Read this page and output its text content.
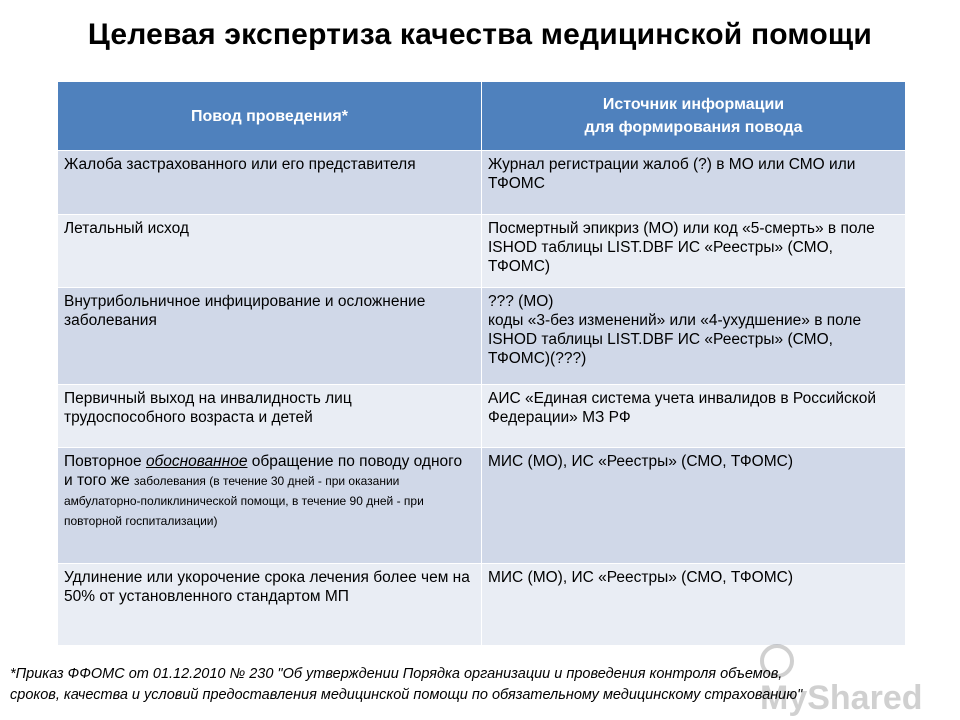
Целевая экспертиза качества медицинской помощи
Повод проведения*	Источник информации
для формирования повода

Жалоба застрахованного или его представителя	Журнал регистрации жалоб (?) в МО или СМО или ТФОМС
Летальный исход	Посмертный эпикриз (МО) или код «5-смерть» в поле ISHOD таблицы LIST.DBF ИС «Реестры» (СМО, ТФОМС)
Внутрибольничное инфицирование и осложнение заболевания	??? (МО)
коды «3-без изменений» или «4-ухудшение» в поле ISHOD таблицы LIST.DBF ИС «Реестры» (СМО, ТФОМС)(???)

Первичный выход на инвалидность лиц трудоспособного возраста и детей	АИС «Единая система учета инвалидов в Российской Федерации» МЗ РФ
Повторное обоснованное обращение по поводу одного и того же заболевания (в течение 30 дней - при оказании амбулаторно-поликлинической помощи, в течение 90 дней - при повторной госпитализации)	МИС (МО), ИС «Реестры» (СМО, ТФОМС)
Удлинение или укорочение срока лечения более чем на 50% от установленного стандартом МП	МИС (МО), ИС «Реестры» (СМО, ТФОМС)
MyShared
*Приказ ФФОМС от 01.12.2010 № 230 "Об утверждении Порядка организации и проведения контроля объемов,
сроков, качества и условий предоставления медицинской помощи по обязательному медицинскому страхованию"
